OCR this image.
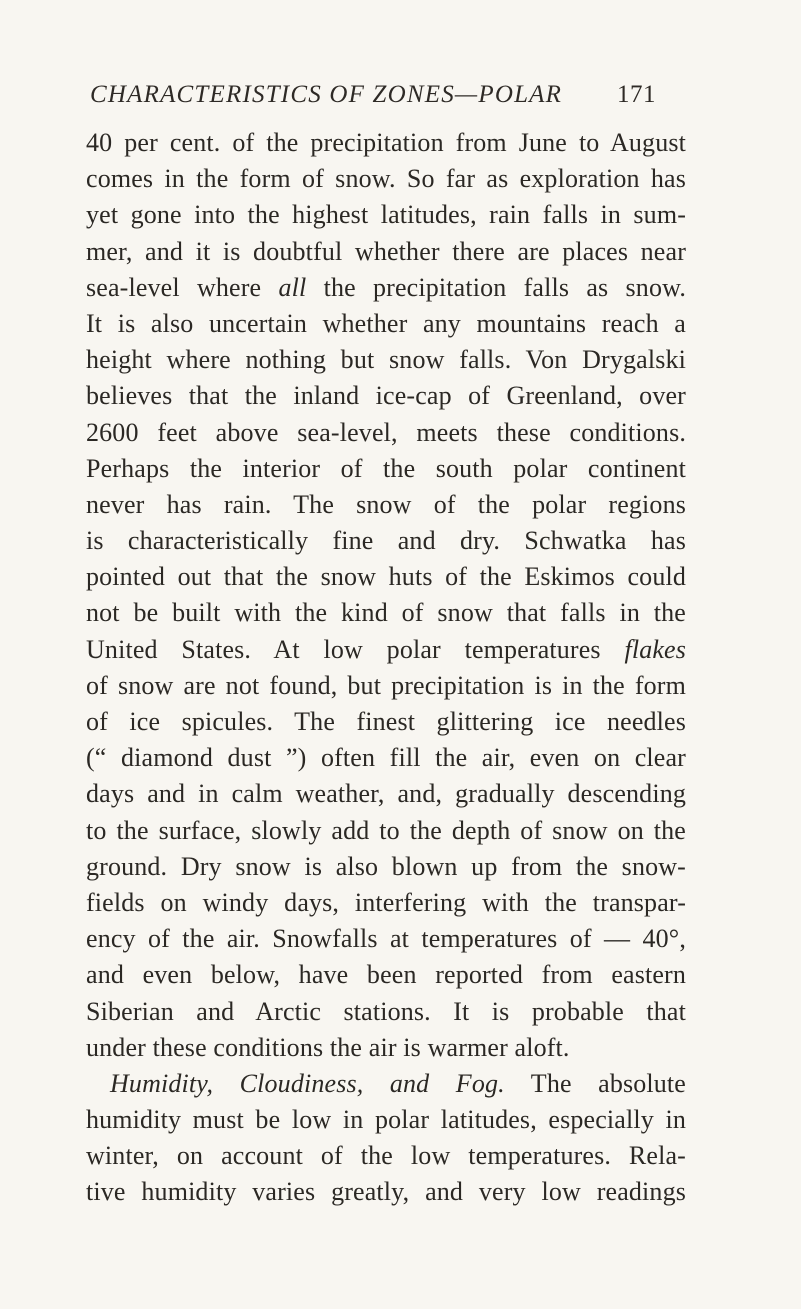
CHARACTERISTICS OF ZONES—POLAR 171
40 per cent. of the precipitation from June to August
comes in the form of snow. So far as exploration has
yet gone into the highest latitudes, rain falls in sum-
mer, and it is doubtful whether there are places near
sea-level where all the precipitation falls as snow.
It is also uncertain whether any mountains reach a
height where nothing but snow falls. Von Drygalski
believes that the inland ice-cap of Greenland, over
2600 feet above sea-level, meets these conditions.
Perhaps the interior of the south polar continent
never has rain. The snow of the polar regions
is characteristically fine and dry. Schwatka has
pointed out that the snow huts of the Eskimos could
not be built with the kind of snow that falls in the
United States. At low polar temperatures flakes
of snow are not found, but precipitation is in the form
of ice spicules. The finest glittering ice needles
(“ diamond dust ”) often fill the air, even on clear
days and in calm weather, and, gradually descending
to the surface, slowly add to the depth of snow on the
ground. Dry snow is also blown up from the snow-
fields on windy days, interfering with the transpar-
ency of the air. Snowfalls at temperatures of — 40°,
and even below, have been reported from eastern
Siberian and Arctic stations. It is probable that
under these conditions the air is warmer aloft.
Humidity, Cloudiness, and Fog. The absolute
humidity must be low in polar latitudes, especially in
winter, on account of the low temperatures. Rela-
tive humidity varies greatly, and very low readings
